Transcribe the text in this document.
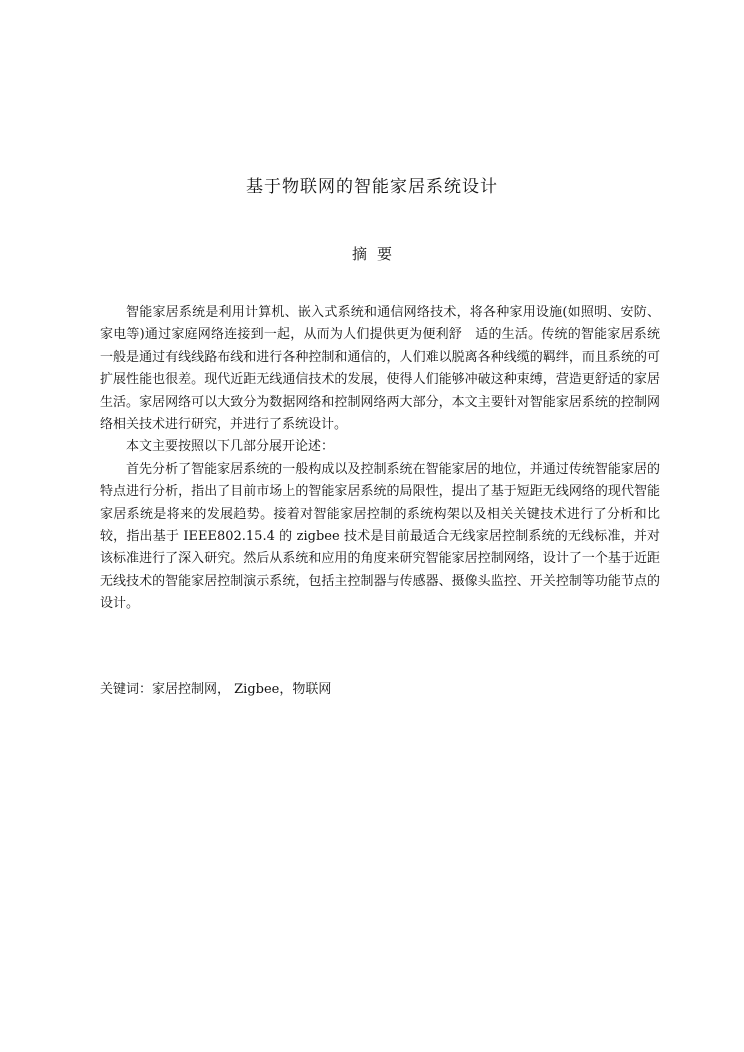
基于物联网的智能家居系统设计
摘要

智能家居系统是利用计算机、嵌入式系统和通信网络技术，将各种家用设施(如照明、安防、家电等)通过家庭网络连接到一起，从而为人们提供更为便利舒　适的生活。传统的智能家居系统一般是通过有线线路布线和进行各种控制和通信的，人们难以脱离各种线缆的羁绊，而且系统的可扩展性能也很差。现代近距无线通信技术的发展，使得人们能够冲破这种束缚，营造更舒适的家居生活。家居网络可以大致分为数据网络和控制网络两大部分，本文主要针对智能家居系统的控制网络相关技术进行研究，并进行了系统设计。

本文主要按照以下几部分展开论述：

首先分析了智能家居系统的一般构成以及控制系统在智能家居的地位，并通过传统智能家居的特点进行分析，指出了目前市场上的智能家居系统的局限性，提出了基于短距无线网络的现代智能家居系统是将来的发展趋势。接着对智能家居控制的系统构架以及相关关键技术进行了分析和比较，指出基于 IEEE802.15.4 的 zigbee 技术是目前最适合无线家居控制系统的无线标准，并对该标准进行了深入研究。然后从系统和应用的角度来研究智能家居控制网络，设计了一个基于近距无线技术的智能家居控制演示系统，包括主控制器与传感器、摄像头监控、开关控制等功能节点的设计。

关键词：家居控制网， Zigbee，物联网
